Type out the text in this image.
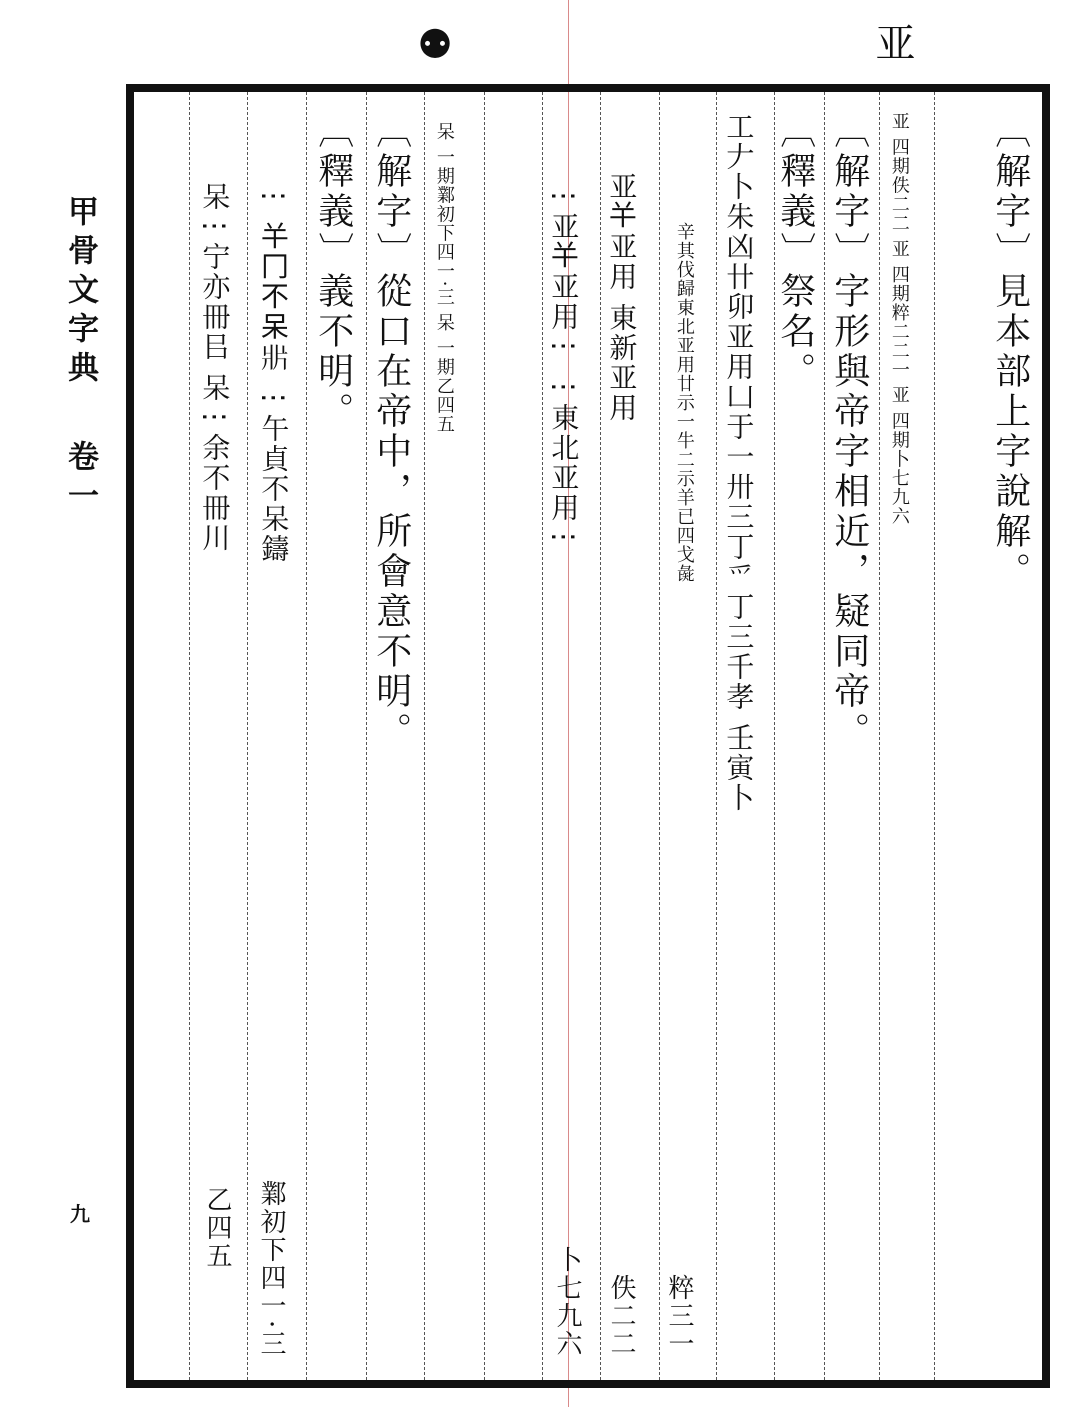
亚
⚉
甲骨文字典卷一
九
〔解字〕見本部上字說解。
亚 四期佚二二 亚 四期粹二二一 亚 四期卜七九六
〔解字〕字形與帝字相近，疑同帝。
〔釋義〕祭名。
工𠂇卜朱凶卄卯亚用凵于一卅三丁爫丁三千孝 壬寅卜
辛其伐歸東北亚用廿示一牛二示羊已四戈彘
粹三一
亚𢆉亚用 東新亚用
佚二二
⋮亚𢆉亚用⋮ ⋮東北亚用⋮
卜七九六
呆 一期鄴初下四一·三 呆 一期乙四五
〔解字〕從口在帝中，所會意不明。
〔釋義〕義不明。
⋮ 𢆉冂不呆𤕰 ⋮午貞不呆鑄
鄴初下四一·三
呆⋮宁亦冊㠯 呆⋮余不冊川
乙四五
